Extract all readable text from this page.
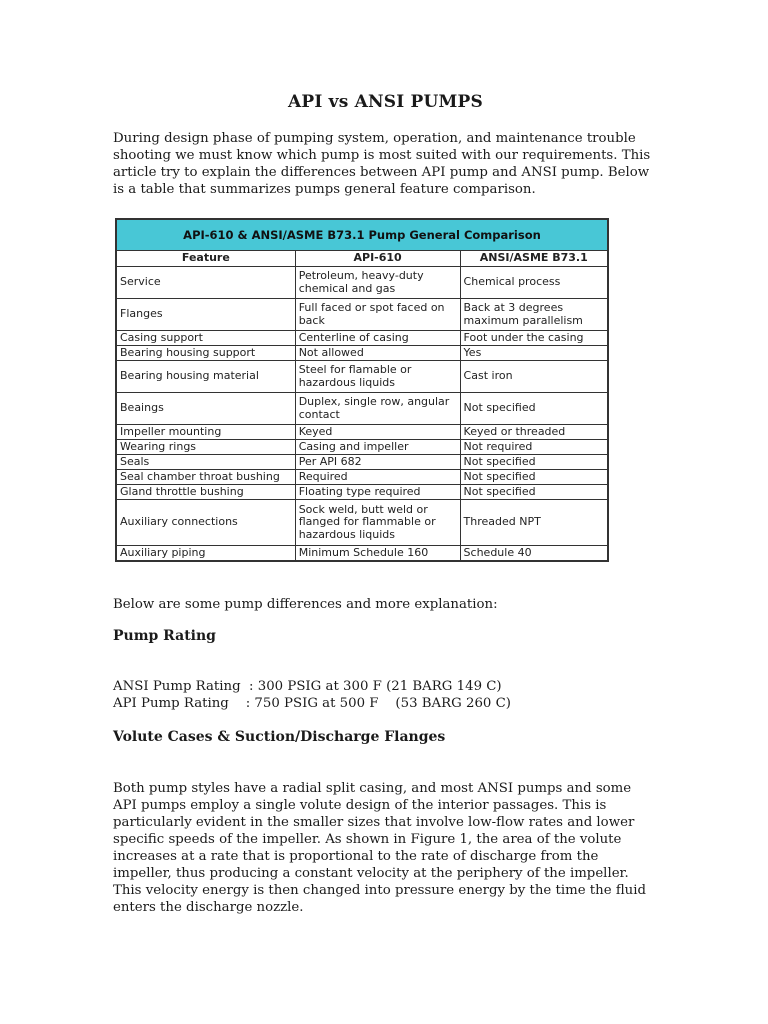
API vs ANSI PUMPS

During design phase of pumping system, operation, and maintenance trouble shooting we must know which pump is most suited with our requirements. This article try to explain the differences between API pump and ANSI pump. Below is a table that summarizes pumps general feature comparison.

API-610 & ANSI/ASME B73.1 Pump General Comparison		
Feature	API-610	ANSI/ASME B73.1
Service	Petroleum, heavy-duty chemical and gas	Chemical process
Flanges	Full faced or spot faced on back	Back at 3 degrees maximum parallelism
Casing support	Centerline of casing	Foot under the casing
Bearing housing support	Not allowed	Yes
Bearing housing material	Steel for flamable or hazardous liquids	Cast iron
Beaings	Duplex, single row, angular contact	Not specified
Impeller mounting	Keyed	Keyed or threaded
Wearing rings	Casing and impeller	Not required
Seals	Per API 682	Not specified
Seal chamber throat bushing	Required	Not specified
Gland throttle bushing	Floating type required	Not specified
Auxiliary connections	Sock weld, butt weld or flanged for flammable or hazardous liquids	Threaded NPT
Auxiliary piping	Minimum Schedule 160	Schedule 40

Below are some pump differences and more explanation:

Pump Rating
ANSI Pump Rating  : 300 PSIG at 300 F (21 BARG 149 C)
API Pump Rating    : 750 PSIG at 500 F    (53 BARG 260 C)
Volute Cases & Suction/Discharge Flanges

Both pump styles have a radial split casing, and most ANSI pumps and some API pumps employ a single volute design of the interior passages. This is particularly evident in the smaller sizes that involve low-flow rates and lower specific speeds of the impeller. As shown in Figure 1, the area of the volute increases at a rate that is proportional to the rate of discharge from the impeller, thus producing a constant velocity at the periphery of the impeller. This velocity energy is then changed into pressure energy by the time the fluid enters the discharge nozzle.
